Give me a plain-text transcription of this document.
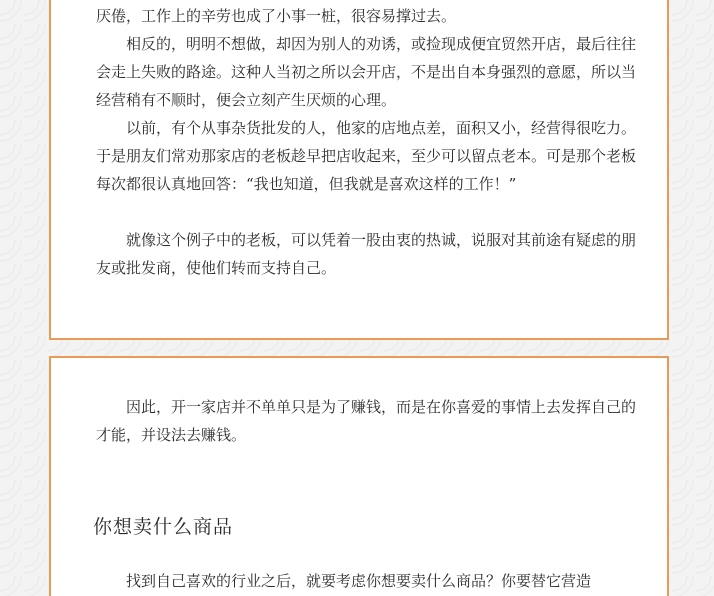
厌倦，工作上的辛劳也成了小事一桩，很容易撑过去。

相反的，明明不想做，却因为别人的劝诱，或捡现成便宜贸然开店，最后往往会走上失败的路途。这种人当初之所以会开店，不是出自本身强烈的意愿，所以当经营稍有不顺时，便会立刻产生厌烦的心理。

以前，有个从事杂货批发的人，他家的店地点差，面积又小，经营得很吃力。于是朋友们常劝那家店的老板趁早把店收起来，至少可以留点老本。可是那个老板每次都很认真地回答：“我也知道，但我就是喜欢这样的工作！”

就像这个例子中的老板，可以凭着一股由衷的热诚，说服对其前途有疑虑的朋友或批发商，使他们转而支持自己。

因此，开一家店并不单单只是为了赚钱，而是在你喜爱的事情上去发挥自己的才能，并设法去赚钱。

你想卖什么商品

找到自己喜欢的行业之后，就要考虑你想要卖什么商品？你要替它营造
